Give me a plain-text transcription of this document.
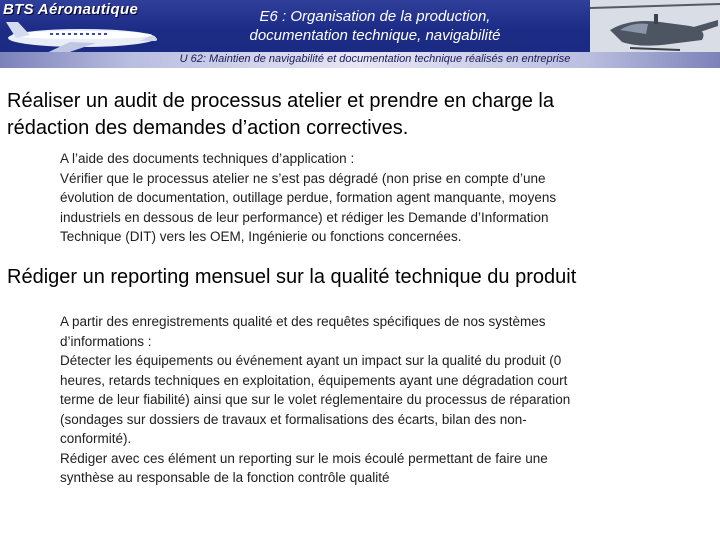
BTS Aéronautique	E6 : Organisation de la production,
documentation technique, navigabilité
U 62: Maintien de navigabilité et documentation technique réalisés en entreprise
Réaliser un audit de processus atelier et prendre en charge la
rédaction des demandes d’action correctives.
A l’aide des documents techniques d’application :
Vérifier que le processus atelier ne s’est pas dégradé (non prise en compte d’une
évolution de documentation, outillage perdue, formation agent manquante, moyens
industriels en dessous de leur performance) et rédiger les Demande d’Information
Technique (DIT) vers les OEM, Ingénierie ou fonctions concernées.
Rédiger un reporting mensuel sur la qualité technique du produit
A partir des enregistrements qualité et des requêtes spécifiques de nos systèmes
d’informations :
Détecter les équipements ou événement ayant un impact sur la qualité du produit (0
heures, retards techniques en exploitation, équipements ayant une dégradation court
terme de leur fiabilité) ainsi que sur le volet réglementaire du processus de réparation
(sondages sur dossiers de travaux et formalisations des écarts, bilan des non-
conformité).
Rédiger avec ces élément un reporting sur le mois écoulé permettant de faire une
synthèse au responsable de la fonction contrôle qualité
